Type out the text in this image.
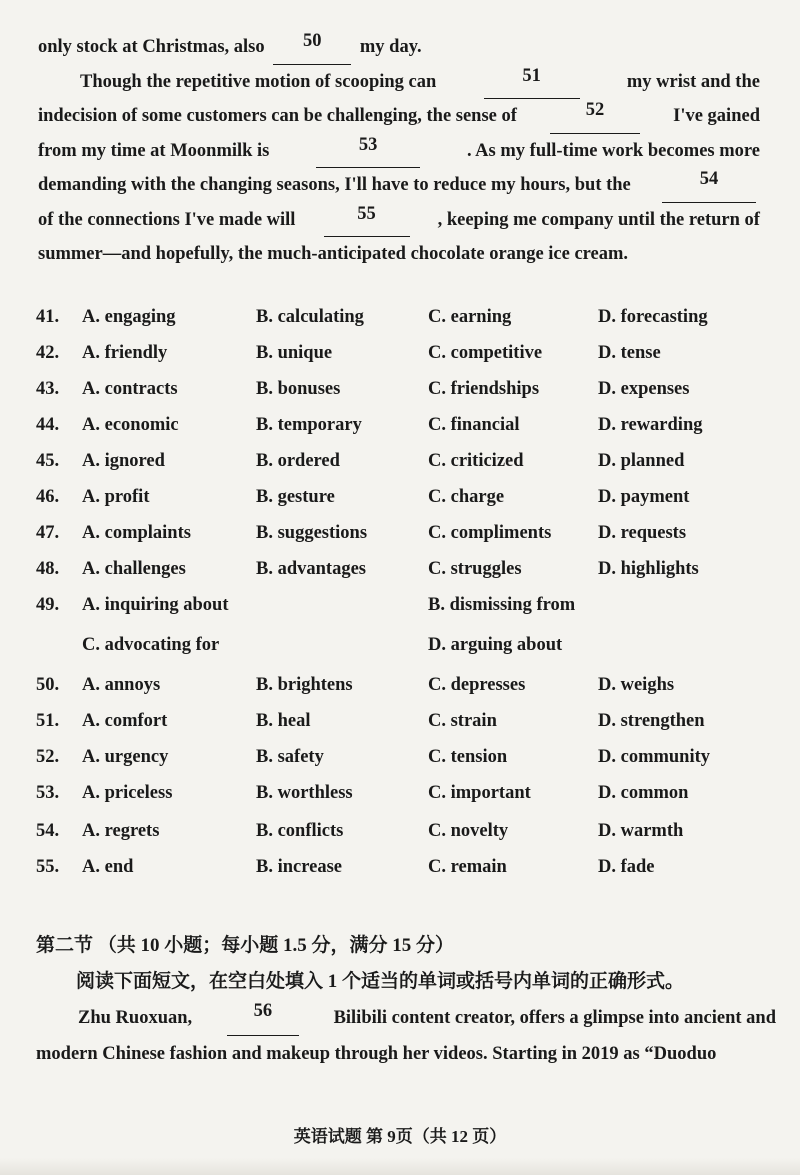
only stock at Christmas, also	50	my day.
Though the repetitive motion of scooping can	51	my wrist and the
indecision of some customers can be challenging, the sense of	52	I've gained
from my time at Moonmilk is	53	. As my full-time work becomes more
demanding with the changing seasons, I'll have to reduce my hours, but the	54
of the connections I've made will	55	, keeping me company until the return of
summer—and hopefully, the much-anticipated chocolate orange ice cream.
41. A. engaging	B. calculating	C. earning	D. forecasting
42. A. friendly	B. unique	C. competitive	D. tense
43. A. contracts	B. bonuses	C. friendships	D. expenses
44. A. economic	B. temporary	C. financial	D. rewarding
45. A. ignored	B. ordered	C. criticized	D. planned
46. A. profit	B. gesture	C. charge	D. payment
47. A. complaints	B. suggestions	C. compliments	D. requests
48. A. challenges	B. advantages	C. struggles	D. highlights
49. A. inquiring about	B. dismissing from
C. advocating for	D. arguing about
50. A. annoys	B. brightens	C. depresses	D. weighs
51. A. comfort	B. heal	C. strain	D. strengthen
52. A. urgency	B. safety	C. tension	D. community
53. A. priceless	B. worthless	C. important	D. common
54. A. regrets	B. conflicts	C. novelty	D. warmth
55. A. end	B. increase	C. remain	D. fade
第二节 （共 10 小题；每小题 1.5 分，满分 15 分）
阅读下面短文，在空白处填入 1 个适当的单词或括号内单词的正确形式。
Zhu Ruoxuan,	56	Bilibili content creator, offers a glimpse into ancient and
modern Chinese fashion and makeup through her videos. Starting in 2019 as “Duoduo
英语试题 第 9页（共 12 页）
